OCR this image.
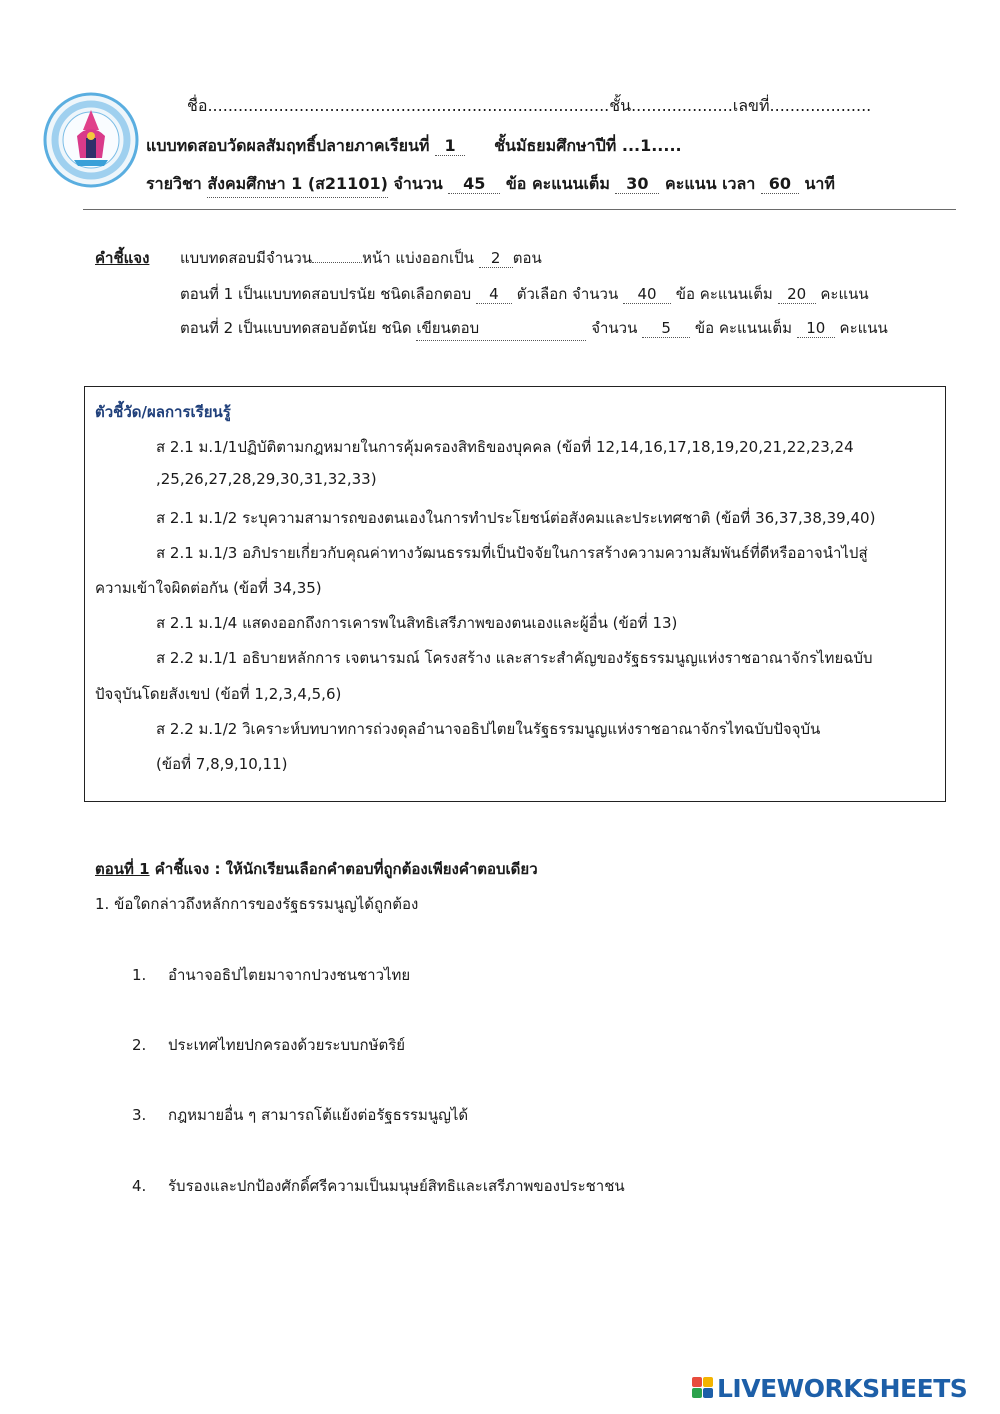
ชื่อ...............................................................................ชั้น....................เลขที่....................
แบบทดสอบวัดผลสัมฤทธิ์ปลายภาคเรียนที่ 1 ชั้นมัธยมศึกษาปีที่ ...1.....
รายวิชา สังคมศึกษา 1 (ส21101) จำนวน 45 ข้อ คะแนนเต็ม 30 คะแนน เวลา 60 นาที
คำชี้แจง แบบทดสอบมีจำนวน	หน้า แบ่งออกเป็น 2 ตอน
ตอนที่ 1 เป็นแบบทดสอบปรนัย ชนิดเลือกตอบ 4 ตัวเลือก จำนวน 40 ข้อ คะแนนเต็ม 20 คะแนน
ตอนที่ 2 เป็นแบบทดสอบอัตนัย ชนิด เขียนตอบ	จำนวน 5 ข้อ คะแนนเต็ม 10 คะแนน
ตัวชี้วัด/ผลการเรียนรู้
ส 2.1 ม.1/1ปฏิบัติตามกฎหมายในการคุ้มครองสิทธิของบุคคล (ข้อที่ 12,14,16,17,18,19,20,21,22,23,24
,25,26,27,28,29,30,31,32,33)
ส 2.1 ม.1/2 ระบุความสามารถของตนเองในการทำประโยชน์ต่อสังคมและประเทศชาติ (ข้อที่ 36,37,38,39,40)
ส 2.1 ม.1/3 อภิปรายเกี่ยวกับคุณค่าทางวัฒนธรรมที่เป็นปัจจัยในการสร้างความความสัมพันธ์ที่ดีหรืออาจนำไปสู่
ความเข้าใจผิดต่อกัน (ข้อที่ 34,35)
ส 2.1 ม.1/4 แสดงออกถึงการเคารพในสิทธิเสรีภาพของตนเองและผู้อื่น (ข้อที่ 13)
ส 2.2 ม.1/1 อธิบายหลักการ เจตนารมณ์ โครงสร้าง และสาระสำคัญของรัฐธรรมนูญแห่งราชอาณาจักรไทยฉบับ
ปัจจุบันโดยสังเขป (ข้อที่ 1,2,3,4,5,6)
ส 2.2 ม.1/2 วิเคราะห์บทบาทการถ่วงดุลอำนาจอธิปไตยในรัฐธรรมนูญแห่งราชอาณาจักรไทฉบับปัจจุบัน
(ข้อที่ 7,8,9,10,11)
ตอนที่ 1 คำชี้แจง : ให้นักเรียนเลือกคำตอบที่ถูกต้องเพียงคำตอบเดียว
1. ข้อใดกล่าวถึงหลักการของรัฐธรรมนูญได้ถูกต้อง
1. อำนาจอธิปไตยมาจากปวงชนชาวไทย
2. ประเทศไทยปกครองด้วยระบบกษัตริย์
3. กฎหมายอื่น ๆ สามารถโต้แย้งต่อรัฐธรรมนูญได้
4. รับรองและปกป้องศักดิ์ศรีความเป็นมนุษย์สิทธิและเสรีภาพของประชาชน
LIVEWORKSHEETS
